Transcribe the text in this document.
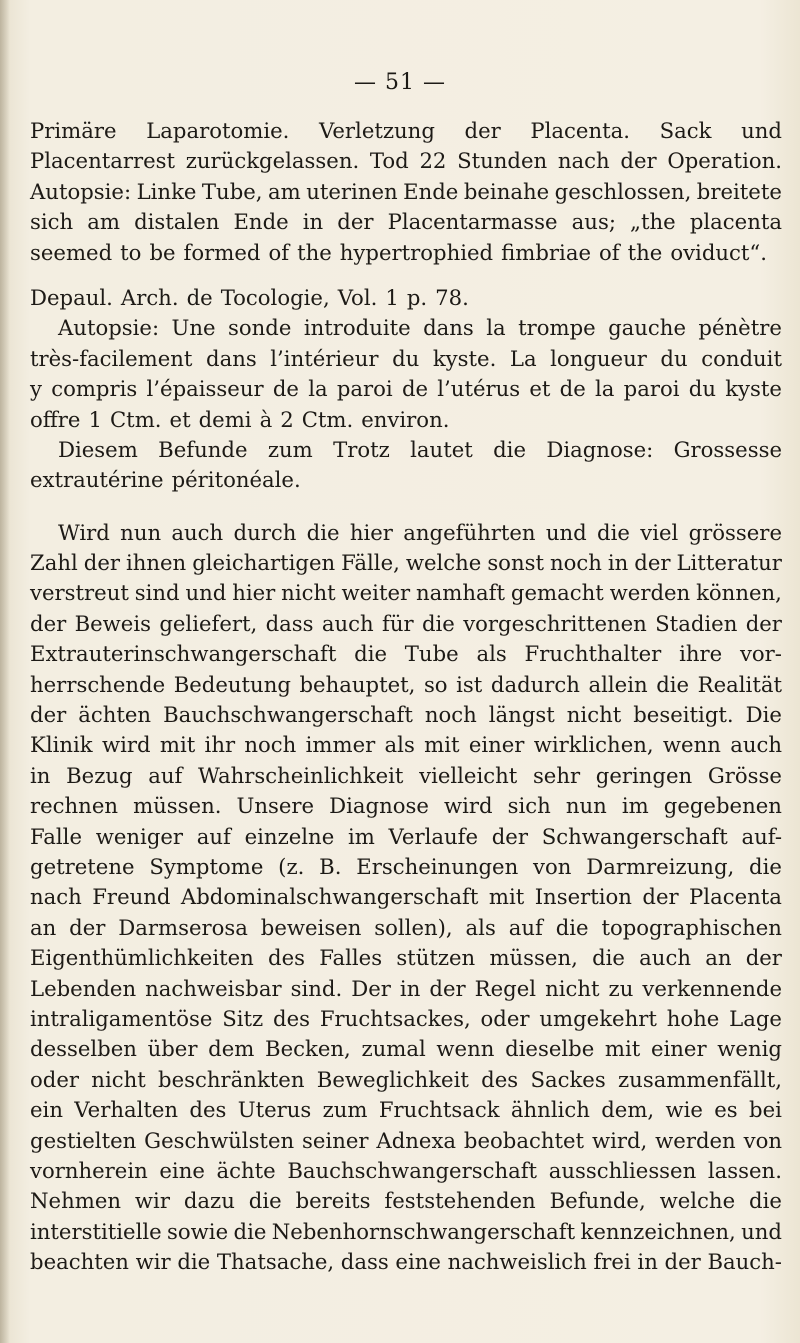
— 51 —
Primäre Laparotomie. Verletzung der Placenta. Sack und
Placentarrest zurückgelassen. Tod 22 Stunden nach der Operation.
Autopsie: Linke Tube, am uterinen Ende beinahe geschlossen, breitete
sich am distalen Ende in der Placentarmasse aus; „the placenta
seemed to be formed of the hypertrophied fimbriae of the oviduct“.
Depaul. Arch. de Tocologie, Vol. 1 p. 78.
Autopsie: Une sonde introduite dans la trompe gauche pénètre
très-facilement dans l’intérieur du kyste. La longueur du conduit
y compris l’épaisseur de la paroi de l’utérus et de la paroi du kyste
offre 1 Ctm. et demi à 2 Ctm. environ.
Diesem Befunde zum Trotz lautet die Diagnose: Grossesse
extrautérine péritonéale.
Wird nun auch durch die hier angeführten und die viel grössere
Zahl der ihnen gleichartigen Fälle, welche sonst noch in der Litteratur
verstreut sind und hier nicht weiter namhaft gemacht werden können,
der Beweis geliefert, dass auch für die vorgeschrittenen Stadien der
Extrauterinschwangerschaft die Tube als Fruchthalter ihre vor-
herrschende Bedeutung behauptet, so ist dadurch allein die Realität
der ächten Bauchschwangerschaft noch längst nicht beseitigt. Die
Klinik wird mit ihr noch immer als mit einer wirklichen, wenn auch
in Bezug auf Wahrscheinlichkeit vielleicht sehr geringen Grösse
rechnen müssen. Unsere Diagnose wird sich nun im gegebenen
Falle weniger auf einzelne im Verlaufe der Schwangerschaft auf-
getretene Symptome (z. B. Erscheinungen von Darmreizung, die
nach Freund Abdominalschwangerschaft mit Insertion der Placenta
an der Darmserosa beweisen sollen), als auf die topographischen
Eigenthümlichkeiten des Falles stützen müssen, die auch an der
Lebenden nachweisbar sind. Der in der Regel nicht zu verkennende
intraligamentöse Sitz des Fruchtsackes, oder umgekehrt hohe Lage
desselben über dem Becken, zumal wenn dieselbe mit einer wenig
oder nicht beschränkten Beweglichkeit des Sackes zusammenfällt,
ein Verhalten des Uterus zum Fruchtsack ähnlich dem, wie es bei
gestielten Geschwülsten seiner Adnexa beobachtet wird, werden von
vornherein eine ächte Bauchschwangerschaft ausschliessen lassen.
Nehmen wir dazu die bereits feststehenden Befunde, welche die
interstitielle sowie die Nebenhornschwangerschaft kennzeichnen, und
beachten wir die Thatsache, dass eine nachweislich frei in der Bauch-
